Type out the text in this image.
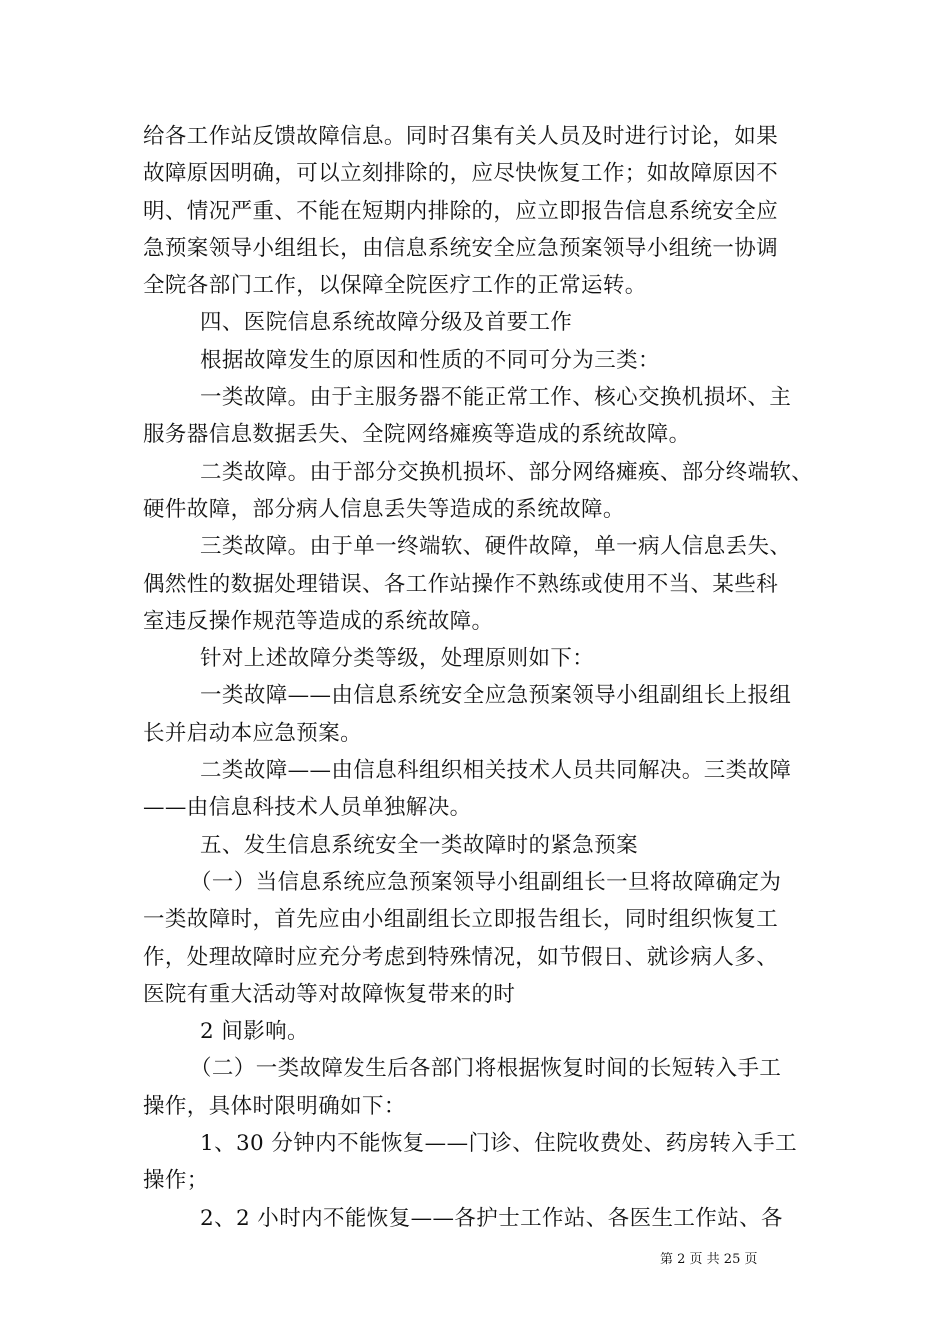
给各工作站反馈故障信息。同时召集有关人员及时进行讨论，如果
故障原因明确，可以立刻排除的，应尽快恢复工作；如故障原因不
明、情况严重、不能在短期内排除的，应立即报告信息系统安全应
急预案领导小组组长，由信息系统安全应急预案领导小组统一协调
全院各部门工作，以保障全院医疗工作的正常运转。
四、医院信息系统故障分级及首要工作
根据故障发生的原因和性质的不同可分为三类：
一类故障。由于主服务器不能正常工作、核心交换机损坏、主
服务器信息数据丢失、全院网络瘫痪等造成的系统故障。
二类故障。由于部分交换机损坏、部分网络瘫痪、部分终端软、
硬件故障，部分病人信息丢失等造成的系统故障。
三类故障。由于单一终端软、硬件故障，单一病人信息丢失、
偶然性的数据处理错误、各工作站操作不熟练或使用不当、某些科
室违反操作规范等造成的系统故障。
针对上述故障分类等级，处理原则如下：
一类故障——由信息系统安全应急预案领导小组副组长上报组
长并启动本应急预案。
二类故障——由信息科组织相关技术人员共同解决。三类故障
——由信息科技术人员单独解决。
五、发生信息系统安全一类故障时的紧急预案
（一）当信息系统应急预案领导小组副组长一旦将故障确定为
一类故障时，首先应由小组副组长立即报告组长，同时组织恢复工
作，处理故障时应充分考虑到特殊情况，如节假日、就诊病人多、
医院有重大活动等对故障恢复带来的时
2 间影响。
（二）一类故障发生后各部门将根据恢复时间的长短转入手工
操作，具体时限明确如下：
1、30 分钟内不能恢复——门诊、住院收费处、药房转入手工
操作；
2、2 小时内不能恢复——各护士工作站、各医生工作站、各
第 2 页 共 25 页
